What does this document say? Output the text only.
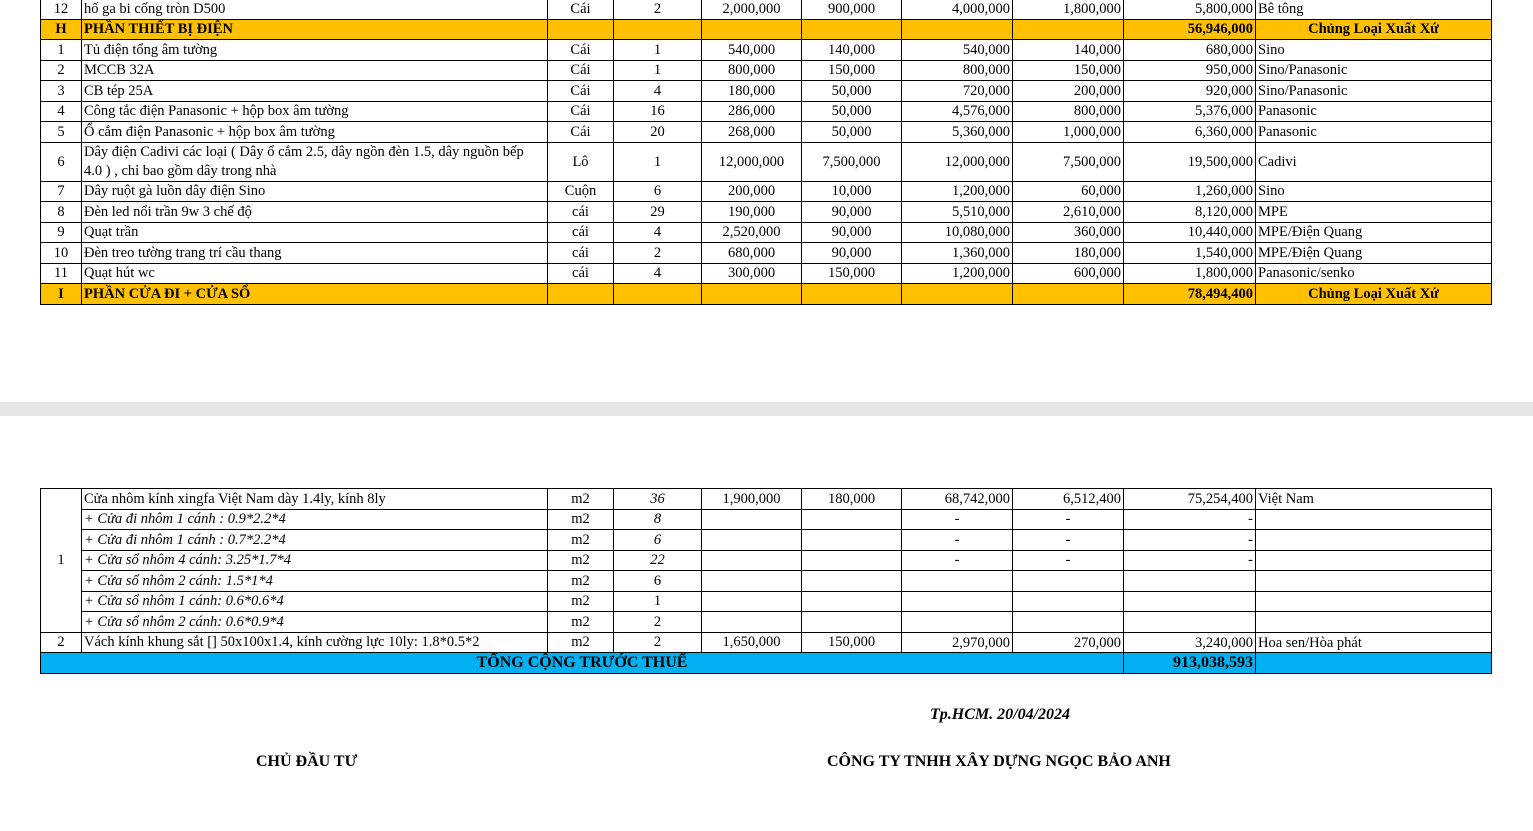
12	hố ga bi cống tròn D500	Cái	2	2,000,000	900,000	4,000,000	1,800,000	5,800,000	Bê tông
H	PHẦN THIẾT BỊ ĐIỆN							56,946,000	Chủng Loại Xuất Xứ
1	Tủ điện tổng âm tường	Cái	1	540,000	140,000	540,000	140,000	680,000	Sino
2	MCCB 32A	Cái	1	800,000	150,000	800,000	150,000	950,000	Sino/Panasonic
3	CB tép 25A	Cái	4	180,000	50,000	720,000	200,000	920,000	Sino/Panasonic
4	Công tắc điện Panasonic + hộp box âm tường	Cái	16	286,000	50,000	4,576,000	800,000	5,376,000	Panasonic
5	Ổ cắm điện Panasonic + hộp box âm tường	Cái	20	268,000	50,000	5,360,000	1,000,000	6,360,000	Panasonic
6	Dây điện Cadivi các loại ( Dây ổ cắm 2.5, dây ngồn đèn 1.5, dây nguồn bếp 4.0 ) , chỉ bao gồm dây trong nhà	Lô	1	12,000,000	7,500,000	12,000,000	7,500,000	19,500,000	Cadivi
7	Dây ruột gà luồn dây điện Sino	Cuộn	6	200,000	10,000	1,200,000	60,000	1,260,000	Sino
8	Đèn led nổi trần 9w 3 chế độ	cái	29	190,000	90,000	5,510,000	2,610,000	8,120,000	MPE
9	Quạt trần	cái	4	2,520,000	90,000	10,080,000	360,000	10,440,000	MPE/Điện Quang
10	Đèn treo tường trang trí cầu thang	cái	2	680,000	90,000	1,360,000	180,000	1,540,000	MPE/Điện Quang
11	Quạt hút wc	cái	4	300,000	150,000	1,200,000	600,000	1,800,000	Panasonic/senko
I	PHẦN CỬA ĐI + CỬA SỔ							78,494,400	Chủng Loại Xuất Xứ
1	Cửa nhôm kính xingfa Việt Nam dày 1.4ly, kính 8ly	m2	36	1,900,000	180,000	68,742,000	6,512,400	75,254,400	Việt Nam
	+ Cửa đi nhôm 1 cánh : 0.9*2.2*4	m2	8			-	-	-	
	+ Cửa đi nhôm 1 cánh : 0.7*2.2*4	m2	6			-	-	-	
	+ Cửa sổ nhôm 4 cánh: 3.25*1.7*4	m2	22			-	-	-	
	+ Cửa sổ nhôm 2 cánh: 1.5*1*4	m2	6						
	+ Cửa sổ nhôm 1 cánh: 0.6*0.6*4	m2	1						
	+ Cửa sổ nhôm 2 cánh: 0.6*0.9*4	m2	2						
2	Vách kính khung sắt [] 50x100x1.4, kính cường lực 10ly: 1.8*0.5*2	m2	2	1,650,000	150,000	2,970,000	270,000	3,240,000	Hoa sen/Hòa phát
TỔNG CỘNG TRƯỚC THUẾ								913,038,593	
Tp.HCM. 20/04/2024
CHỦ ĐẦU TƯ	CÔNG TY TNHH XÂY DỰNG NGỌC BẢO ANH
